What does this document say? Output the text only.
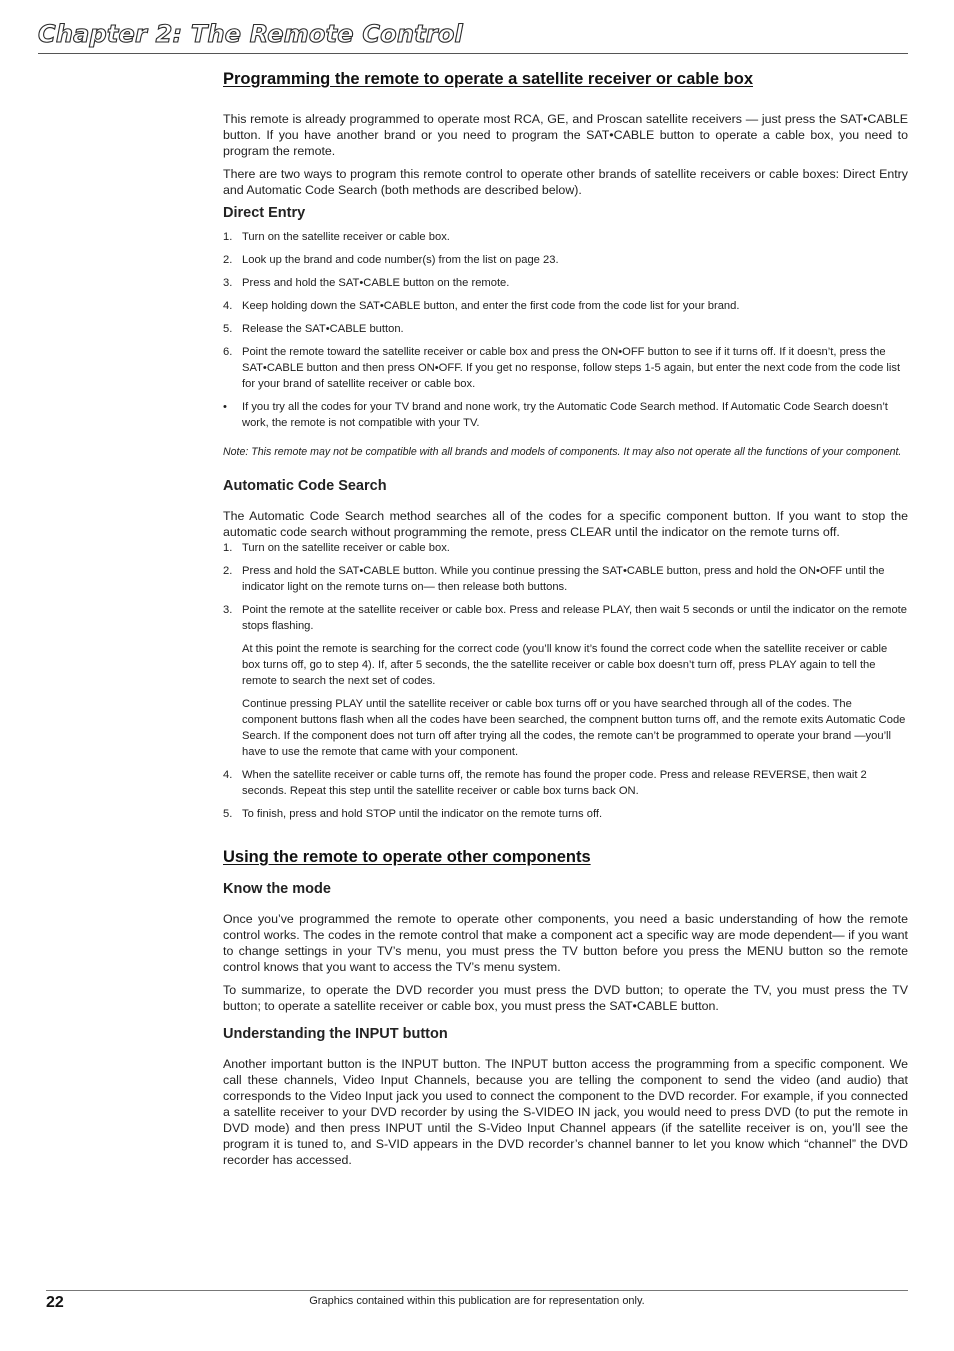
Chapter 2: The Remote Control
Programming the remote to operate a satellite receiver or cable box

This remote is already programmed to operate most RCA, GE, and Proscan satellite receivers — just press the SAT•CABLE button. If you have another brand or you need to program the SAT•CABLE button to operate a cable box, you need to program the remote.

There are two ways to program this remote control to operate other brands of satellite receivers or cable boxes: Direct Entry and Automatic Code Search (both methods are described below).

Direct Entry
1. Turn on the satellite receiver or cable box.
2. Look up the brand and code number(s) from the list on page 23.
3. Press and hold the SAT•CABLE button on the remote.
4. Keep holding down the SAT•CABLE button, and enter the first code from the code list for your brand.
5. Release the SAT•CABLE button.
6. Point the remote toward the satellite receiver or cable box and press the ON•OFF button to see if it turns off. If it doesn’t, press the SAT•CABLE button and then press ON•OFF. If you get no response, follow steps 1-5 again, but enter the next code from the code list for your brand of satellite receiver or cable box.
• If you try all the codes for your TV brand and none work, try the Automatic Code Search method. If Automatic Code Search doesn’t work, the remote is not compatible with your TV.

Note: This remote may not be compatible with all brands and models of components. It may also not operate all the functions of your component.

Automatic Code Search

The Automatic Code Search method searches all of the codes for a specific component button. If you want to stop the automatic code search without programming the remote, press CLEAR until the indicator on the remote turns off.

1. Turn on the satellite receiver or cable box.
2. Press and hold the SAT•CABLE button. While you continue pressing the SAT•CABLE button, press and hold the ON•OFF until the indicator light on the remote turns on— then release both buttons.
3. Point the remote at the satellite receiver or cable box. Press and release PLAY, then wait 5 seconds or until the indicator on the remote stops flashing.
At this point the remote is searching for the correct code (you’ll know it’s found the correct code when the satellite receiver or cable box turns off, go to step 4). If, after 5 seconds, the the satellite receiver or cable box doesn’t turn off, press PLAY again to tell the remote to search the next set of codes.
Continue pressing PLAY until the satellite receiver or cable box turns off or you have searched through all of the codes. The component buttons flash when all the codes have been searched, the compnent button turns off, and the remote exits Automatic Code Search. If the component does not turn off after trying all the codes, the remote can’t be programmed to operate your brand —you’ll have to use the remote that came with your component.
4. When the satellite receiver or cable turns off, the remote has found the proper code. Press and release REVERSE, then wait 2 seconds. Repeat this step until the satellite receiver or cable box turns back ON.
5. To finish, press and hold STOP until the indicator on the remote turns off.
Using the remote to operate other components
Know the mode

Once you’ve programmed the remote to operate other components, you need a basic understanding of how the remote control works. The codes in the remote control that make a component act a specific way are mode dependent— if you want to change settings in your TV’s menu, you must press the TV button before you press the MENU button so the remote control knows that you want to access the TV’s menu system.

To summarize, to operate the DVD recorder you must press the DVD button; to operate the TV, you must press the TV button; to operate a satellite receiver or cable box, you must press the SAT•CABLE button.

Understanding the INPUT button

Another important button is the INPUT button. The INPUT button access the programming from a specific component. We call these channels, Video Input Channels, because you are telling the component to send the video (and audio) that corresponds to the Video Input jack you used to connect the component to the DVD recorder. For example, if you connected a satellite receiver to your DVD recorder by using the S-VIDEO IN jack, you would need to press DVD (to put the remote in DVD mode) and then press INPUT until the S-Video Input Channel appears (if the satellite receiver is on, you’ll see the program it is tuned to, and S-VID appears in the DVD recorder’s channel banner to let you know which “channel” the DVD recorder has accessed.

22	Graphics contained within this publication are for representation only.
